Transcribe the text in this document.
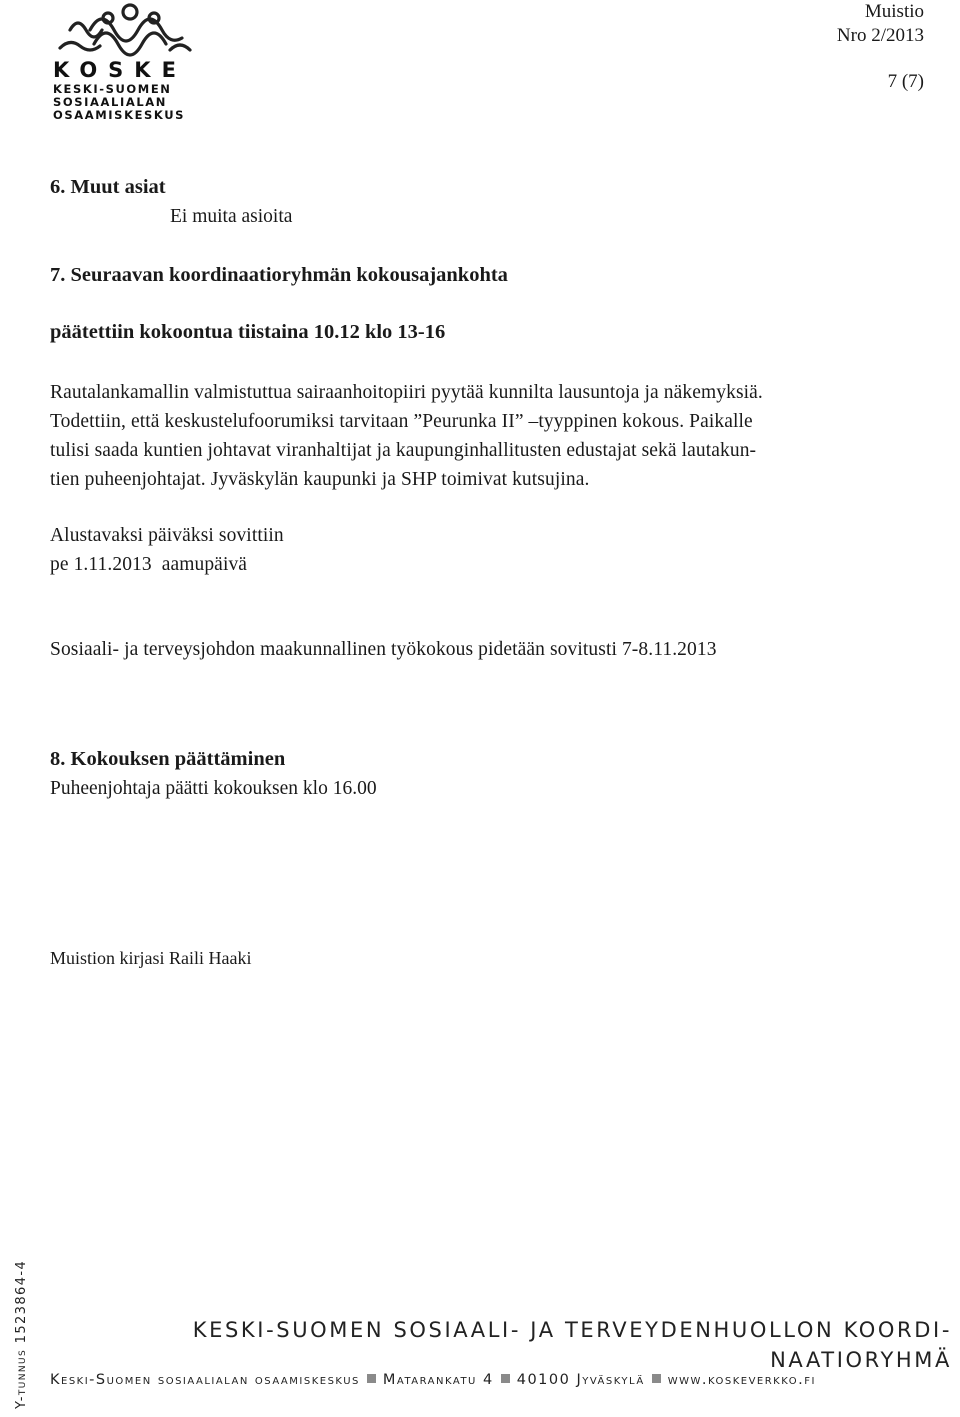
KOSKE
KESKI-SUOMEN
SOSIAALIALAN
OSAAMISKESKUS
Muistio
Nro 2/2013
7 (7)
6. Muut asiat
Ei muita asioita
7. Seuraavan koordinaatioryhmän kokousajankohta
päätettiin kokoontua tiistaina 10.12 klo 13-16
Rautalankamallin valmistuttua sairaanhoitopiiri pyytää kunnilta lausuntoja ja näkemyksiä.
Todettiin, että keskustelufoorumiksi tarvitaan ”Peurunka II” –tyyppinen kokous. Paikalle
tulisi saada kuntien johtavat viranhaltijat ja kaupunginhallitusten edustajat sekä lautakun-
tien puheenjohtajat. Jyväskylän kaupunki ja SHP toimivat kutsujina.
Alustavaksi päiväksi sovittiin
pe 1.11.2013  aamupäivä
Sosiaali- ja terveysjohdon maakunnallinen työkokous pidetään sovitusti 7-8.11.2013
8. Kokouksen päättäminen
Puheenjohtaja päätti kokouksen klo 16.00
Muistion kirjasi Raili Haaki
KESKI-SUOMEN SOSIAALI- JA TERVEYDENHUOLLON KOORDI-
NAATIORYHMÄ
Keski-Suomen sosiaalialan osaamiskeskus Matarankatu 4 40100 Jyväskylä www.koskeverkko.fi
Y-tunnus 1523864-4
